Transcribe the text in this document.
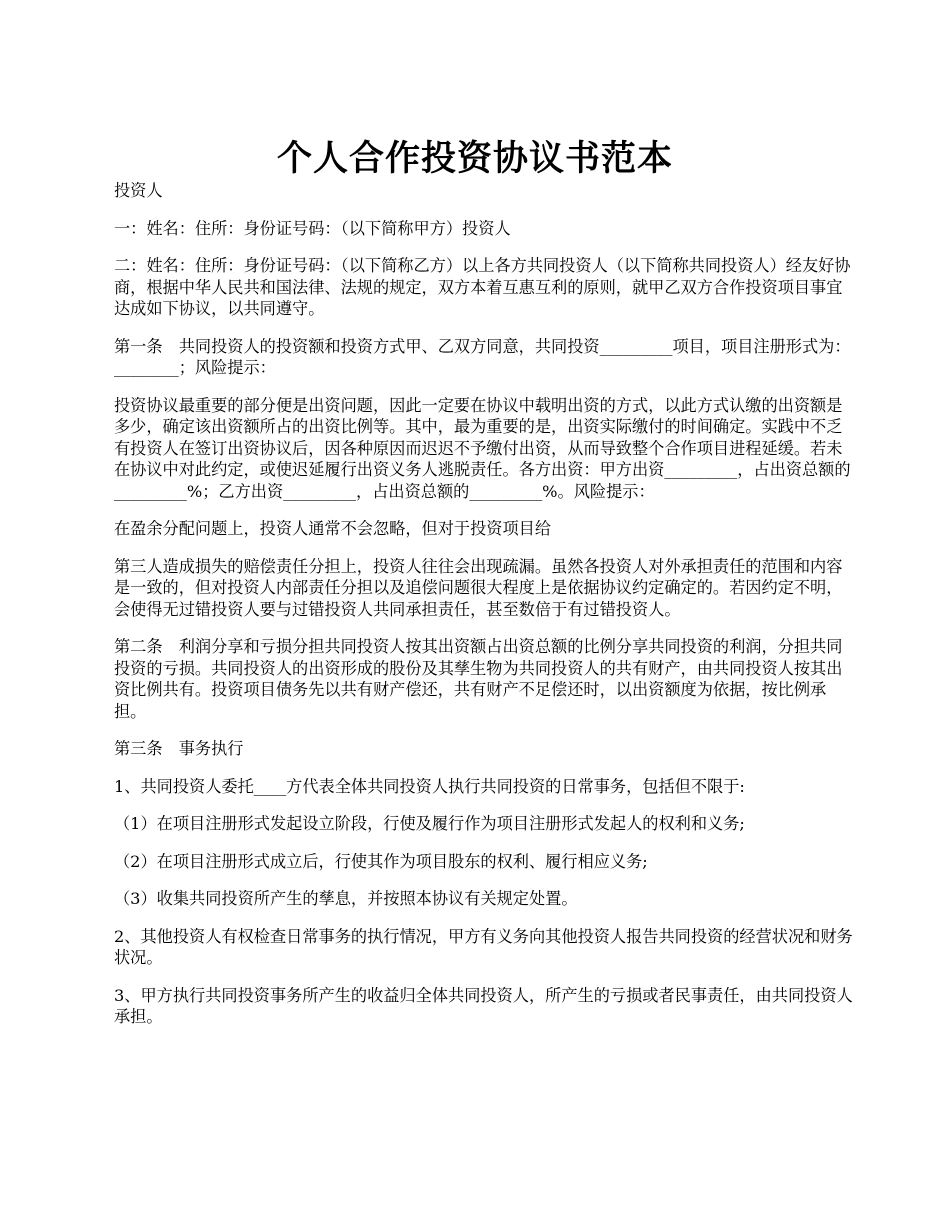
个人合作投资协议书范本

投资人

一：姓名：住所：身份证号码：（以下简称甲方）投资人

二：姓名：住所：身份证号码：（以下简称乙方）以上各方共同投资人（以下简称共同投资人）经友好协商，根据中华人民共和国法律、法规的规定，双方本着互惠互利的原则，就甲乙双方合作投资项目事宜达成如下协议，以共同遵守。

第一条　共同投资人的投资额和投资方式甲、乙双方同意，共同投资_________项目，项目注册形式为：________；风险提示：

投资协议最重要的部分便是出资问题，因此一定要在协议中载明出资的方式，以此方式认缴的出资额是多少，确定该出资额所占的出资比例等。其中，最为重要的是，出资实际缴付的时间确定。实践中不乏有投资人在签订出资协议后，因各种原因而迟迟不予缴付出资，从而导致整个合作项目进程延缓。若未在协议中对此约定，或使迟延履行出资义务人逃脱责任。各方出资：甲方出资_________，占出资总额的_________%；乙方出资_________，占出资总额的_________%。风险提示：

在盈余分配问题上，投资人通常不会忽略，但对于投资项目给

第三人造成损失的赔偿责任分担上，投资人往往会出现疏漏。虽然各投资人对外承担责任的范围和内容是一致的，但对投资人内部责任分担以及追偿问题很大程度上是依据协议约定确定的。若因约定不明，会使得无过错投资人要与过错投资人共同承担责任，甚至数倍于有过错投资人。

第二条　利润分享和亏损分担共同投资人按其出资额占出资总额的比例分享共同投资的利润，分担共同投资的亏损。共同投资人的出资形成的股份及其孳生物为共同投资人的共有财产，由共同投资人按其出资比例共有。投资项目债务先以共有财产偿还，共有财产不足偿还时，以出资额度为依据，按比例承担。

第三条　事务执行

1、共同投资人委托____方代表全体共同投资人执行共同投资的日常事务，包括但不限于:

（1）在项目注册形式发起设立阶段，行使及履行作为项目注册形式发起人的权利和义务;

（2）在项目注册形式成立后，行使其作为项目股东的权利、履行相应义务;

（3）收集共同投资所产生的孳息，并按照本协议有关规定处置。

2、其他投资人有权检查日常事务的执行情况，甲方有义务向其他投资人报告共同投资的经营状况和财务状况。

3、甲方执行共同投资事务所产生的收益归全体共同投资人，所产生的亏损或者民事责任，由共同投资人承担。
